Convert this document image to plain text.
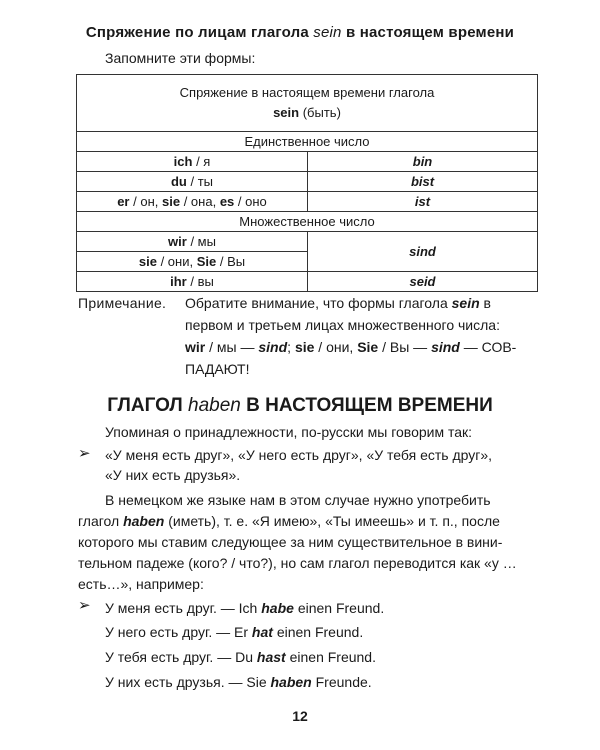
Спряжение по лицам глагола sein в настоящем времени
Запомните эти формы:
Спряжение в настоящем времени глагола
sein (быть)	

Единственное число	
ich / я	bin
du / ты	bist
er / он, sie / она, es / оно	ist
Множественное число	
wir / мы	sind
sie / они, Sie / Вы	
ihr / вы	seid
Примечание. Обратите внимание, что формы глагола sein в
первом и третьем лицах множественного числа:
wir / мы — sind; sie / они, Sie / Вы — sind — СОВ-
ПАДАЮТ!
ГЛАГОЛ haben В НАСТОЯЩЕМ ВРЕМЕНИ
Упоминая о принадлежности, по-русски мы говорим так:
➢ «У меня есть друг», «У него есть друг», «У тебя есть друг»,
«У них есть друзья».
В немецком же языке нам в этом случае нужно употребить
глагол haben (иметь), т. е. «Я имею», «Ты имеешь» и т. п., после
которого мы ставим следующее за ним существительное в вини-
тельном падеже (кого? / что?), но сам глагол переводится как «у …
есть…», например:
➢ У меня есть друг. — Ich habe einen Freund.
У него есть друг. — Er hat einen Freund.
У тебя есть друг. — Du hast einen Freund.
У них есть друзья. — Sie haben Freunde.
12
